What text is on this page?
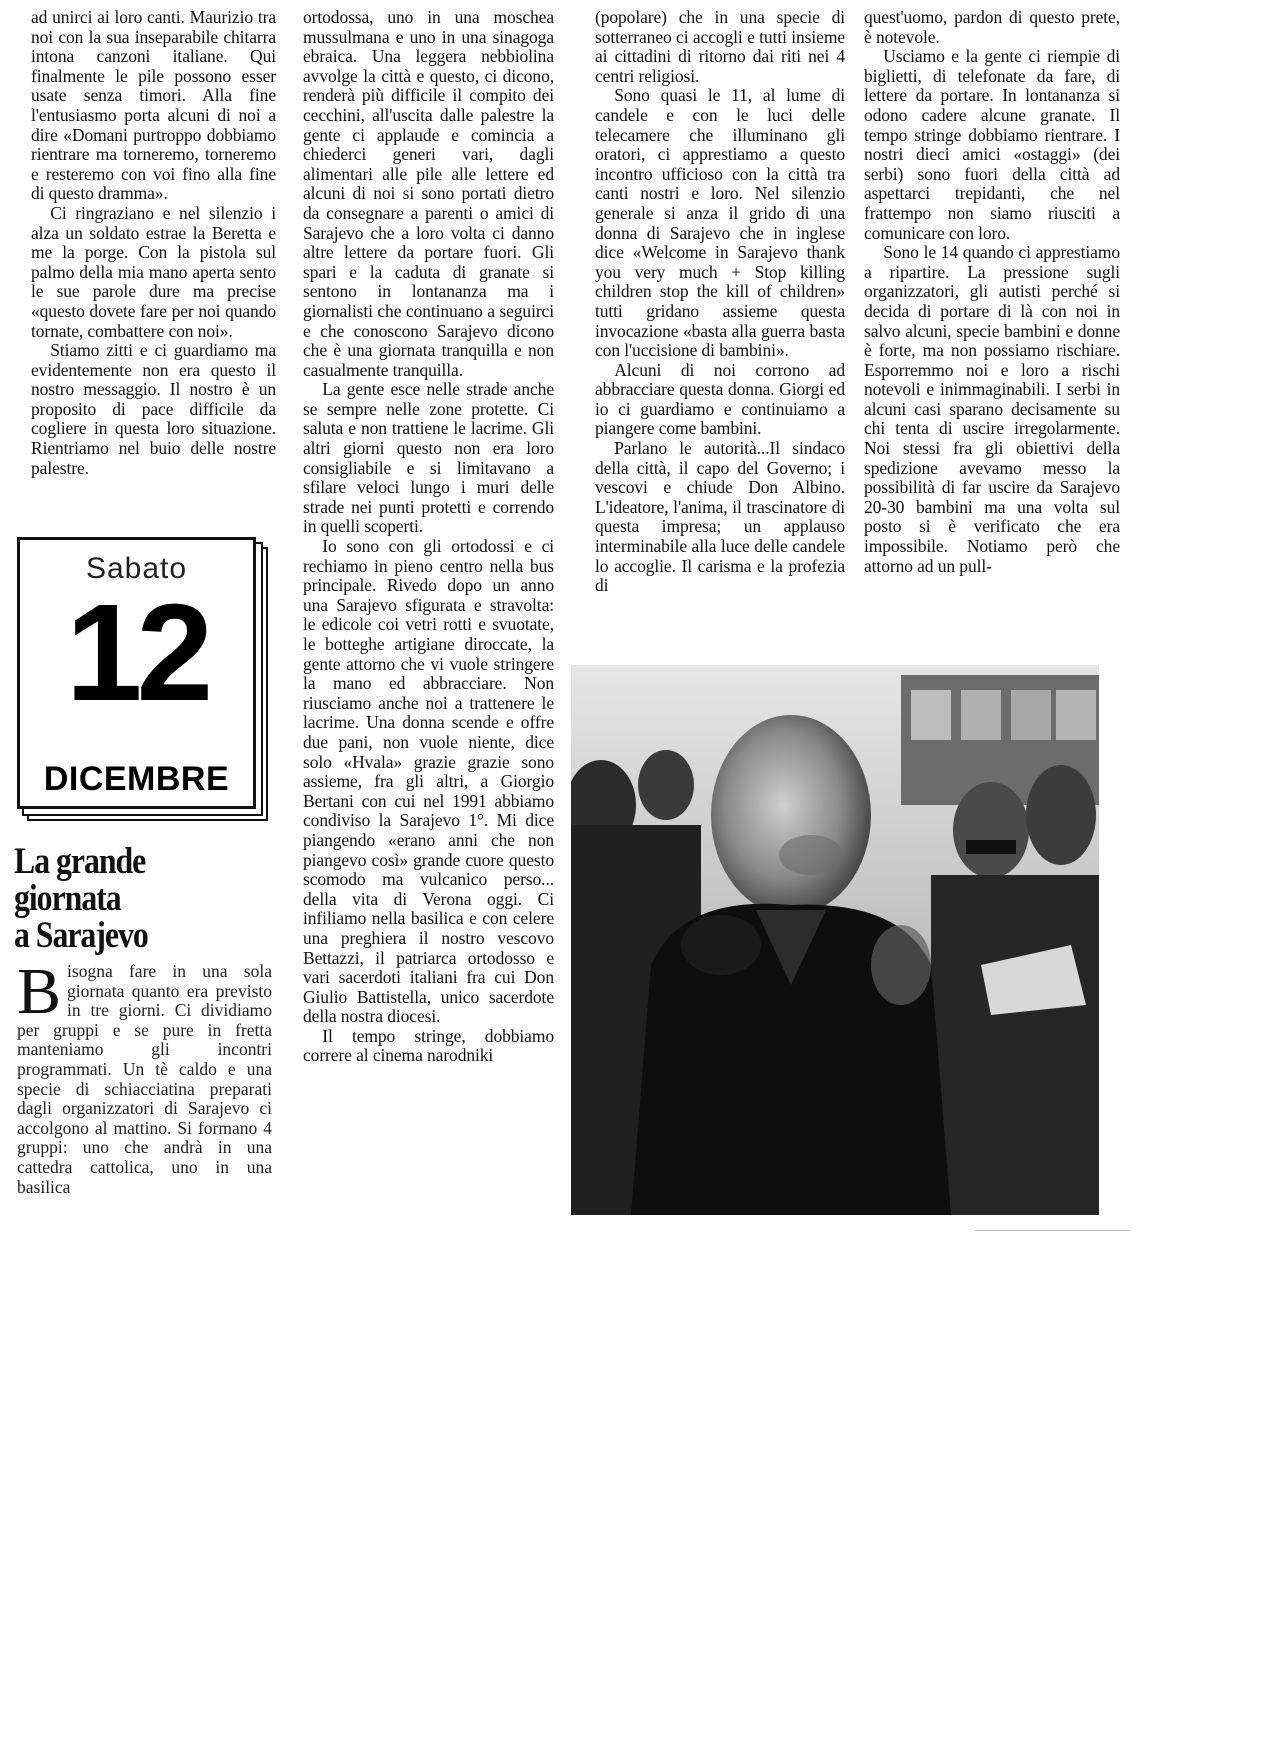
ad unirci ai loro canti. Maurizio tra noi con la sua inseparabile chitarra intona canzoni italiane. Qui finalmente le pile possono esser usate senza timori. Alla fine l'entusiasmo porta alcuni di noi a dire «Domani purtroppo dobbiamo rientrare ma torneremo, torneremo e resteremo con voi fino alla fine di questo dramma».

Ci ringraziano e nel silenzio i alza un soldato estrae la Beretta e me la porge. Con la pistola sul palmo della mia mano aperta sento le sue parole dure ma precise «questo dovete fare per noi quando tornate, combattere con noi».

Stiamo zitti e ci guardiamo ma evidentemente non era questo il nostro messaggio. Il nostro è un proposito di pace difficile da cogliere in questa loro situazione. Rientriamo nel buio delle nostre palestre.

Sabato
12
DICEMBRE
La grande
giornata
a Sarajevo
B isogna fare in una sola giornata quanto era previsto in tre giorni. Ci dividiamo per gruppi e se pure in fretta manteniamo gli incontri programmati. Un tè caldo e una specie di schiacciatina preparati dagli organizzatori di Sarajevo ci accolgono al mattino. Si formano 4 gruppi: uno che andrà in una cattedra cattolica, uno in una basilica

ortodossa, uno in una moschea mussulmana e uno in una sinagoga ebraica. Una leggera nebbiolina avvolge la città e questo, ci dicono, renderà più difficile il compito dei cecchini, all'uscita dalle palestre la gente ci applaude e comincia a chiederci generi vari, dagli alimentari alle pile alle lettere ed alcuni di noi si sono portati dietro da consegnare a parenti o amici di Sarajevo che a loro volta ci danno altre lettere da portare fuori. Gli spari e la caduta di granate si sentono in lontananza ma i giornalisti che continuano a seguirci e che conoscono Sarajevo dicono che è una giornata tranquilla e non casualmente tranquilla.

La gente esce nelle strade anche se sempre nelle zone protette. Ci saluta e non trattiene le lacrime. Gli altri giorni questo non era loro consigliabile e si limitavano a sfilare veloci lungo i muri delle strade nei punti protetti e correndo in quelli scoperti.

Io sono con gli ortodossi e ci rechiamo in pieno centro nella bus principale. Rivedo dopo un anno una Sarajevo sfigurata e stravolta: le edicole coi vetri rotti e svuotate, le botteghe artigiane diroccate, la gente attorno che vi vuole stringere la mano ed abbracciare. Non riusciamo anche noi a trattenere le lacrime. Una donna scende e offre due pani, non vuole niente, dice solo «Hvala» grazie grazie sono assieme, fra gli altri, a Giorgio Bertani con cui nel 1991 abbiamo condiviso la Sarajevo 1°. Mi dice piangendo «erano anni che non piangevo così» grande cuore questo scomodo ma vulcanico perso... della vita di Verona oggi. Ci infiliamo nella basilica e con celere una preghiera il nostro vescovo Bettazzi, il patriarca ortodosso e vari sacerdoti italiani fra cui Don Giulio Battistella, unico sacerdote della nostra diocesi.

Il tempo stringe, dobbiamo correre al cinema narodniki

(popolare) che in una specie di sotterraneo ci accogli e tutti insieme ai cittadini di ritorno dai riti nei 4 centri religiosi.

Sono quasi le 11, al lume di candele e con le luci delle telecamere che illuminano gli oratori, ci apprestiamo a questo incontro ufficioso con la città tra canti nostri e loro. Nel silenzio generale si anza il grido di una donna di Sarajevo che in inglese dice «Welcome in Sarajevo thank you very much + Stop killing children stop the kill of children» tutti gridano assieme questa invocazione «basta alla guerra basta con l'uccisione di bambini».

Alcuni di noi corrono ad abbracciare questa donna. Giorgi ed io ci guardiamo e continuiamo a piangere come bambini.

Parlano le autorità...Il sindaco della città, il capo del Governo; i vescovi e chiude Don Albino. L'ideatore, l'anima, il trascinatore di questa impresa; un applauso interminabile alla luce delle candele lo accoglie. Il carisma e la profezia di

quest'uomo, pardon di questo prete, è notevole.

Usciamo e la gente ci riempie di biglietti, di telefonate da fare, di lettere da portare. In lontananza si odono cadere alcune granate. Il tempo stringe dobbiamo rientrare. I nostri dieci amici «ostaggi» (dei serbi) sono fuori della città ad aspettarci trepidanti, che nel frattempo non siamo riusciti a comunicare con loro.

Sono le 14 quando ci apprestiamo a ripartire. La pressione sugli organizzatori, gli autisti perché si decida di portare di là con noi in salvo alcuni, specie bambini e donne è forte, ma non possiamo rischiare. Esporremmo noi e loro a rischi notevoli e inimmaginabili. I serbi in alcuni casi sparano decisamente su chi tenta di uscire irregolarmente. Noi stessi fra gli obiettivi della spedizione avevamo messo la possibilità di far uscire da Sarajevo 20-30 bambini ma una volta sul posto si è verificato che era impossibile. Notiamo però che attorno ad un pull-
